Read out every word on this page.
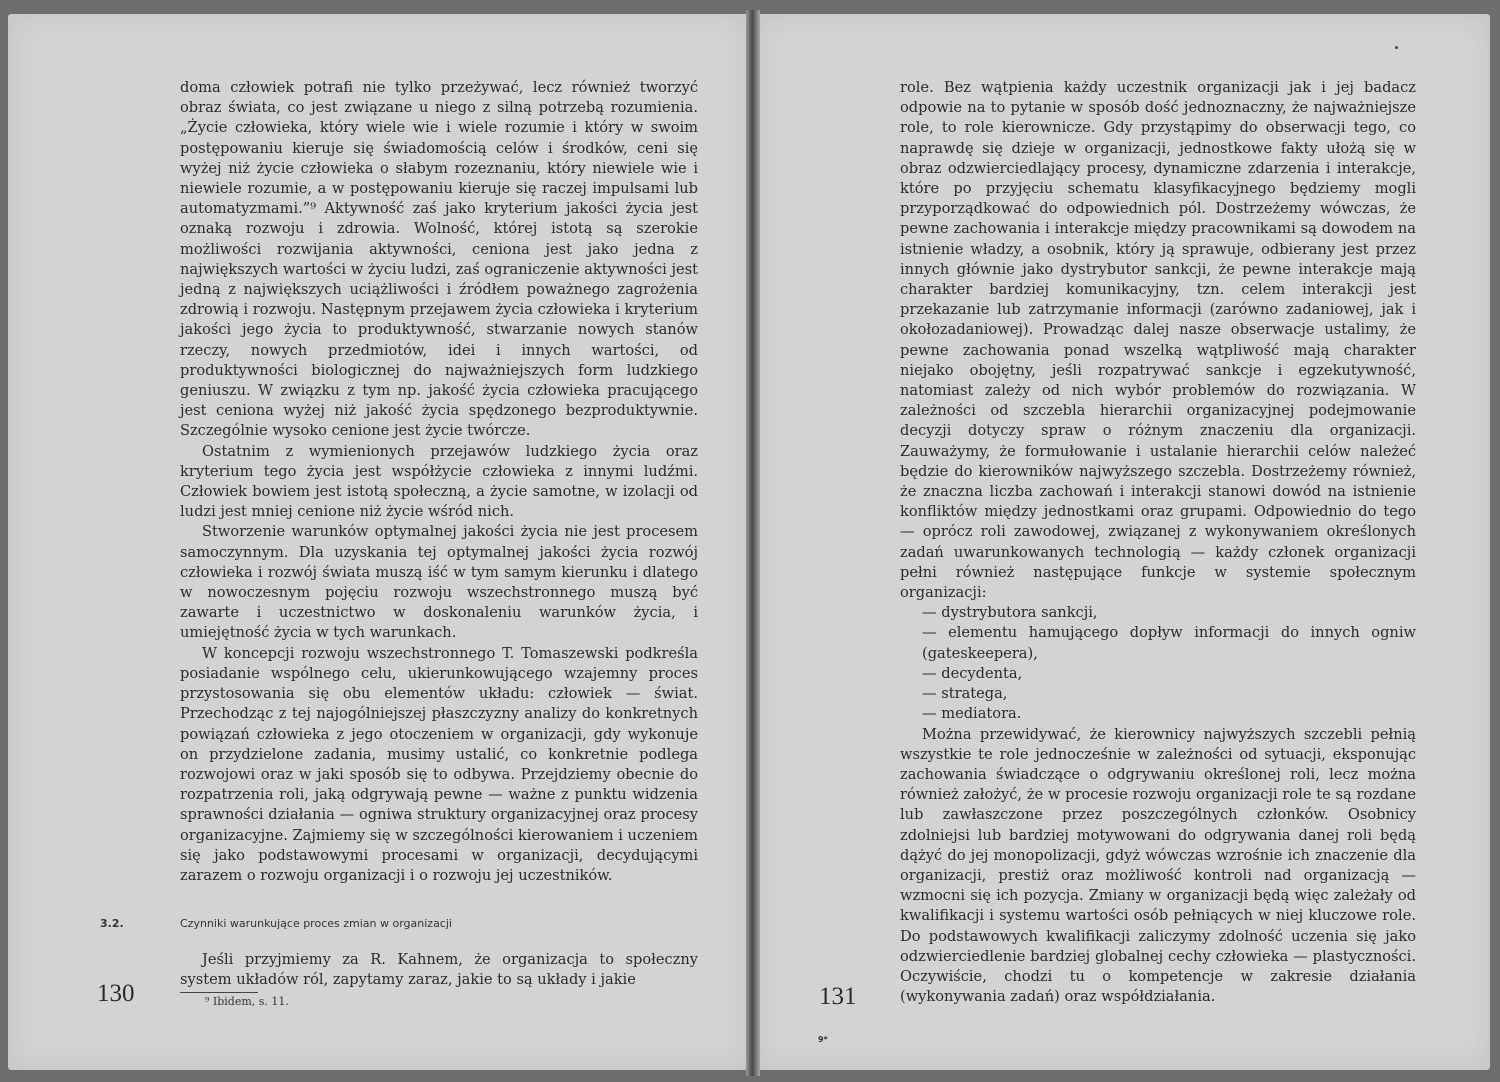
doma człowiek potrafi nie tylko przeżywać, lecz również tworzyć obraz świata, co jest związane u niego z silną potrzebą rozumienia. „Życie człowieka, który wiele wie i wiele rozumie i który w swoim postępowaniu kieruje się świadomością celów i środków, ceni się wyżej niż życie człowieka o słabym rozeznaniu, który niewiele wie i niewiele rozumie, a w postępowaniu kieruje się raczej impulsami lub automatyzmami.”⁹ Aktywność zaś jako kryterium jakości życia jest oznaką rozwoju i zdrowia. Wolność, której istotą są szerokie możliwości rozwijania aktywności, ceniona jest jako jedna z największych wartości w życiu ludzi, zaś ograniczenie aktywności jest jedną z największych uciążliwości i źródłem poważnego zagrożenia zdrowią i rozwoju. Następnym przejawem życia człowieka i kryterium jakości jego życia to produktywność, stwarzanie nowych stanów rzeczy, nowych przedmiotów, idei i innych wartości, od produktywności biologicznej do najważniejszych form ludzkiego geniuszu. W związku z tym np. jakość życia człowieka pracującego jest ceniona wyżej niż jakość życia spędzonego bezproduktywnie. Szczególnie wysoko cenione jest życie twórcze.

Ostatnim z wymienionych przejawów ludzkiego życia oraz kryterium tego życia jest współżycie człowieka z innymi ludźmi. Człowiek bowiem jest istotą społeczną, a życie samotne, w izolacji od ludzi jest mniej cenione niż życie wśród nich.

Stworzenie warunków optymalnej jakości życia nie jest procesem samoczynnym. Dla uzyskania tej optymalnej jakości życia rozwój człowieka i rozwój świata muszą iść w tym samym kierunku i dlatego w nowoczesnym pojęciu rozwoju wszechstronnego muszą być zawarte i uczestnictwo w doskonaleniu warunków życia, i umiejętność życia w tych warunkach.

W koncepcji rozwoju wszechstronnego T. Tomaszewski podkreśla posiadanie wspólnego celu, ukierunkowującego wzajemny proces przystosowania się obu elementów układu: człowiek — świat. Przechodząc z tej najogólniejszej płaszczyzny analizy do konkretnych powiązań człowieka z jego otoczeniem w organizacji, gdy wykonuje on przydzielone zadania, musimy ustalić, co konkretnie podlega rozwojowi oraz w jaki sposób się to odbywa. Przejdziemy obecnie do rozpatrzenia roli, jaką odgrywają pewne — ważne z punktu widzenia sprawności działania — ogniwa struktury organizacyjnej oraz procesy organizacyjne. Zajmiemy się w szczególności kierowaniem i uczeniem się jako podstawowymi procesami w organizacji, decydującymi zarazem o rozwoju organizacji i o rozwoju jej uczestników.

3.2.	Czynniki warunkujące proces zmian w organizacji

Jeśli przyjmiemy za R. Kahnem, że organizacja to społeczny system układów ról, zapytamy zaraz, jakie to są układy i jakie

130	⁹ Ibidem, s. 11.

role. Bez wątpienia każdy uczestnik organizacji jak i jej badacz odpowie na to pytanie w sposób dość jednoznaczny, że najważniejsze role, to role kierownicze. Gdy przystąpimy do obserwacji tego, co naprawdę się dzieje w organizacji, jednostkowe fakty ułożą się w obraz odzwierciedlający procesy, dynamiczne zdarzenia i interakcje, które po przyjęciu schematu klasyfikacyjnego będziemy mogli przyporządkować do odpowiednich pól. Dostrzeżemy wówczas, że pewne zachowania i interakcje między pracownikami są dowodem na istnienie władzy, a osobnik, który ją sprawuje, odbierany jest przez innych głównie jako dystrybutor sankcji, że pewne interakcje mają charakter bardziej komunikacyjny, tzn. celem interakcji jest przekazanie lub zatrzymanie informacji (zarówno zadaniowej, jak i okołozadaniowej). Prowadząc dalej nasze obserwacje ustalimy, że pewne zachowania ponad wszelką wątpliwość mają charakter niejako obojętny, jeśli rozpatrywać sankcje i egzekutywność, natomiast zależy od nich wybór problemów do rozwiązania. W zależności od szczebla hierarchii organizacyjnej podejmowanie decyzji dotyczy spraw o różnym znaczeniu dla organizacji. Zauważymy, że formułowanie i ustalanie hierarchii celów należeć będzie do kierowników najwyższego szczebla. Dostrzeżemy również, że znaczna liczba zachowań i interakcji stanowi dowód na istnienie konfliktów między jednostkami oraz grupami. Odpowiednio do tego — oprócz roli zawodowej, związanej z wykonywaniem określonych zadań uwarunkowanych technologią — każdy członek organizacji pełni również następujące funkcje w systemie społecznym organizacji:

— dystrybutora sankcji,

— elementu hamującego dopływ informacji do innych ogniw (gateskeepera),

— decydenta,

— stratega,

— mediatora.

Można przewidywać, że kierownicy najwyższych szczebli pełnią wszystkie te role jednocześnie w zależności od sytuacji, eksponując zachowania świadczące o odgrywaniu określonej roli, lecz można również założyć, że w procesie rozwoju organizacji role te są rozdane lub zawłaszczone przez poszczególnych członków. Osobnicy zdolniejsi lub bardziej motywowani do odgrywania danej roli będą dążyć do jej monopolizacji, gdyż wówczas wzrośnie ich znaczenie dla organizacji, prestiż oraz możliwość kontroli nad organizacją — wzmocni się ich pozycja. Zmiany w organizacji będą więc zależały od kwalifikacji i systemu wartości osób pełniących w niej kluczowe role. Do podstawowych kwalifikacji zaliczymy zdolność uczenia się jako odzwierciedlenie bardziej globalnej cechy człowieka — plastyczności. Oczywiście, chodzi tu o kompetencje w zakresie działania (wykonywania zadań) oraz współdziałania.

131
9*
